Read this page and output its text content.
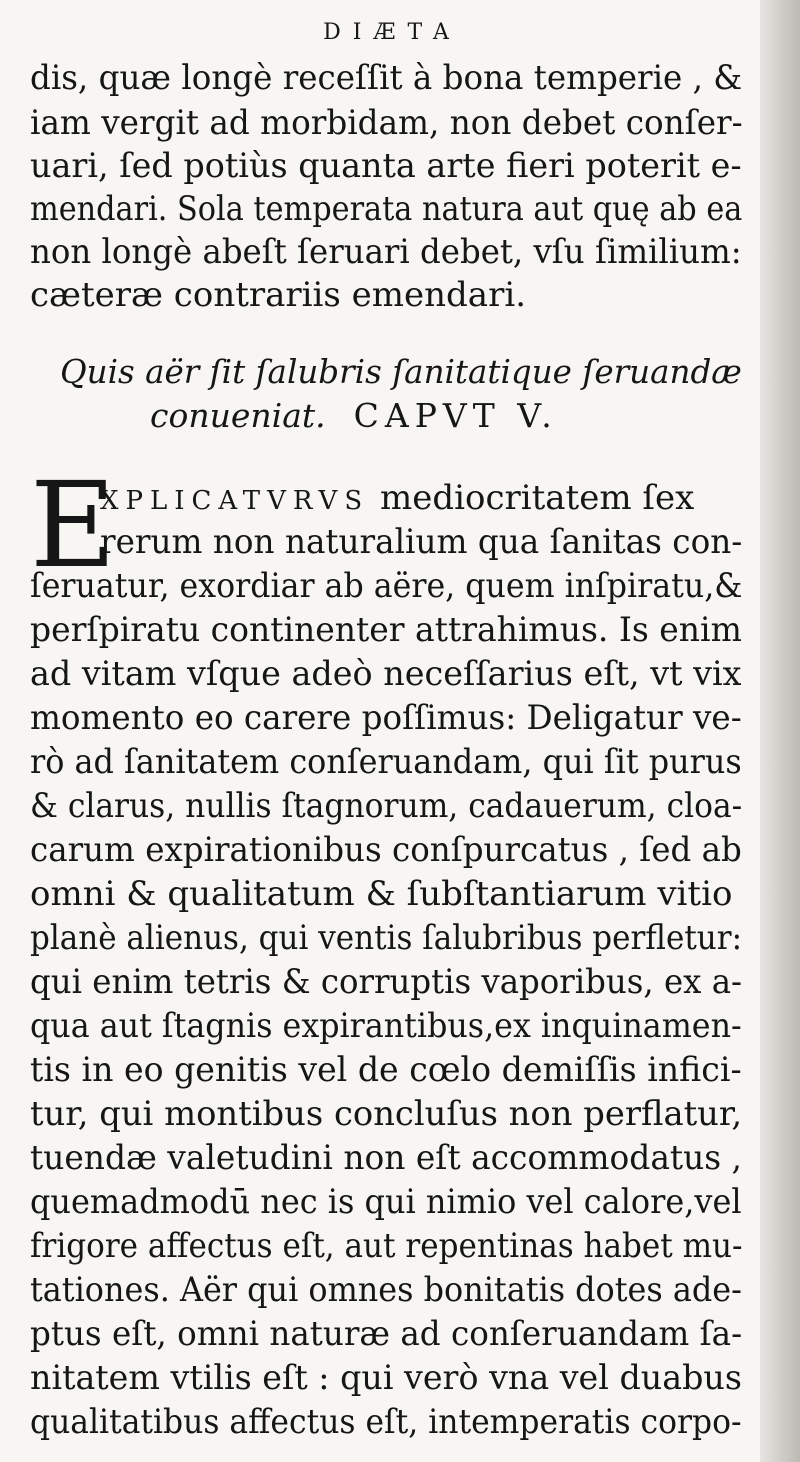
DIÆTA
dis, quæ longè receſſit à bona temperie , &
iam vergit ad morbidam, non debet conſer-
uari, ſed potiùs quanta arte fieri poterit e-
mendari. Sola temperata natura aut quę ab ea
non longè abeſt ſeruari debet, vſu ſimilium:
cæteræ contrariis emendari.
Quis aër ſit ſalubris ſanitatique ſeruandæ
conueniat. CAPVT V.
E
XPLICATVRVS mediocritatem ſex
rerum non naturalium qua ſanitas con-
ſeruatur, exordiar ab aëre, quem inſpiratu,&
perſpiratu continenter attrahimus. Is enim
ad vitam vſque adeò neceſſarius eſt, vt vix
momento eo carere poſſimus: Deligatur ve-
rò ad ſanitatem conſeruandam, qui ſit purus
& clarus, nullis ſtagnorum, cadauerum, cloa-
carum expirationibus conſpurcatus , ſed ab
omni & qualitatum & ſubſtantiarum vitio
planè alienus, qui ventis ſalubribus perfletur:
qui enim tetris & corruptis vaporibus, ex a-
qua aut ſtagnis expirantibus,ex inquinamen-
tis in eo genitis vel de cœlo demiſſis infici-
tur, qui montibus concluſus non perflatur,
tuendæ valetudini non eſt accommodatus ,
quemadmodū nec is qui nimio vel calore,vel
frigore affectus eſt, aut repentinas habet mu-
tationes. Aër qui omnes bonitatis dotes ade-
ptus eſt, omni naturæ ad conſeruandam ſa-
nitatem vtilis eſt : qui verò vna vel duabus
qualitatibus affectus eſt, intemperatis corpo-
